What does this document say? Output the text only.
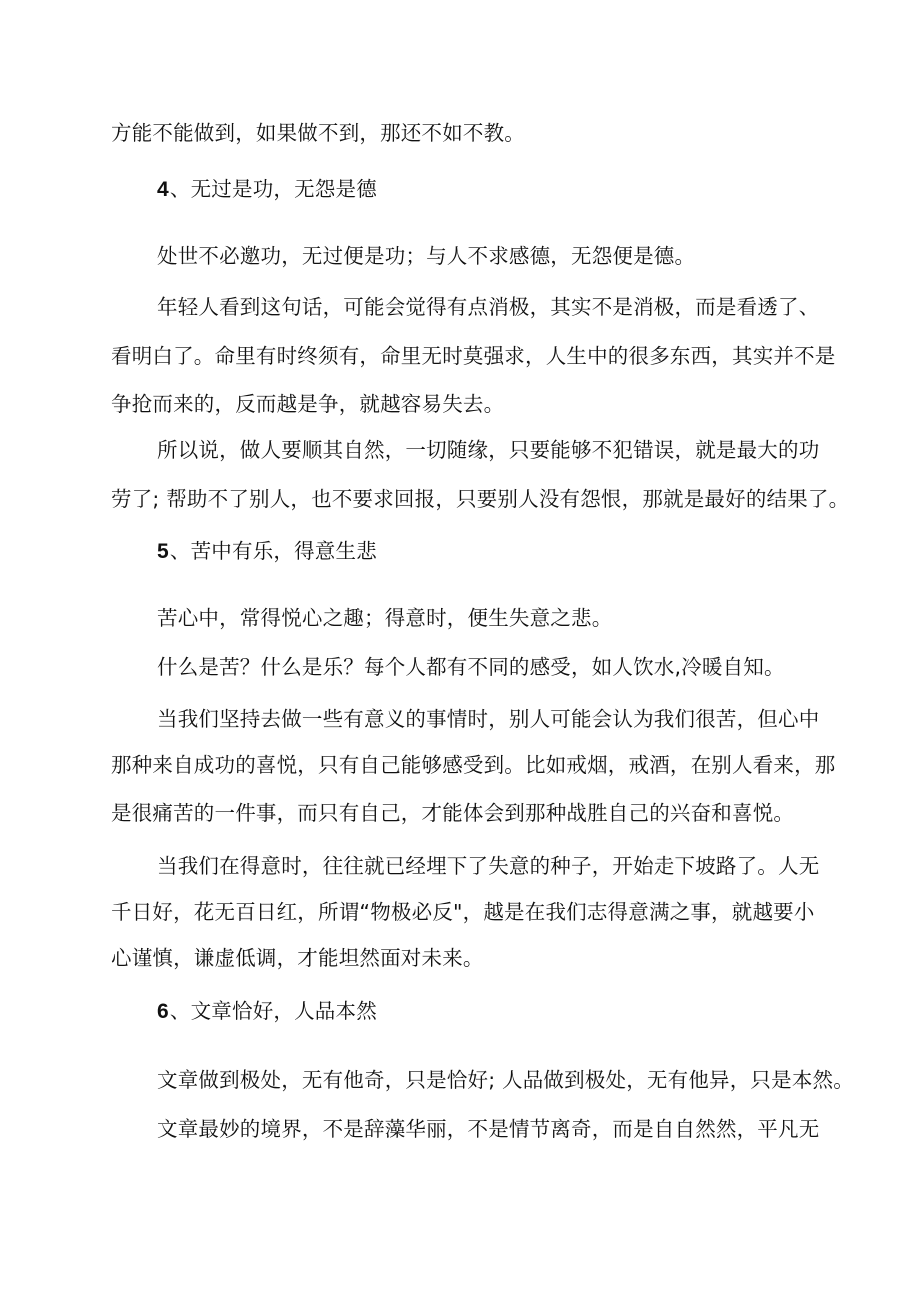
方能不能做到，如果做不到，那还不如不教。

4、无过是功，无怨是德

处世不必邀功，无过便是功；与人不求感德，无怨便是德。

年轻人看到这句话，可能会觉得有点消极，其实不是消极，而是看透了、

看明白了。命里有时终须有，命里无时莫强求，人生中的很多东西，其实并不是

争抢而来的，反而越是争，就越容易失去。

所以说，做人要顺其自然，一切随缘，只要能够不犯错误，就是最大的功

劳了; 帮助不了别人，也不要求回报，只要别人没有怨恨，那就是最好的结果了。

5、苦中有乐，得意生悲

苦心中，常得悦心之趣；得意时，便生失意之悲。

什么是苦？什么是乐？每个人都有不同的感受，如人饮水,冷暖自知。

当我们坚持去做一些有意义的事情时，别人可能会认为我们很苦，但心中

那种来自成功的喜悦，只有自己能够感受到。比如戒烟，戒酒，在别人看来，那

是很痛苦的一件事，而只有自己，才能体会到那种战胜自己的兴奋和喜悦。

当我们在得意时，往往就已经埋下了失意的种子，开始走下坡路了。人无

千日好，花无百日红，所谓“物极必反"，越是在我们志得意满之事，就越要小

心谨慎，谦虚低调，才能坦然面对未来。

6、文章恰好，人品本然

文章做到极处，无有他奇，只是恰好; 人品做到极处，无有他异，只是本然。

文章最妙的境界，不是辞藻华丽，不是情节离奇，而是自自然然，平凡无
